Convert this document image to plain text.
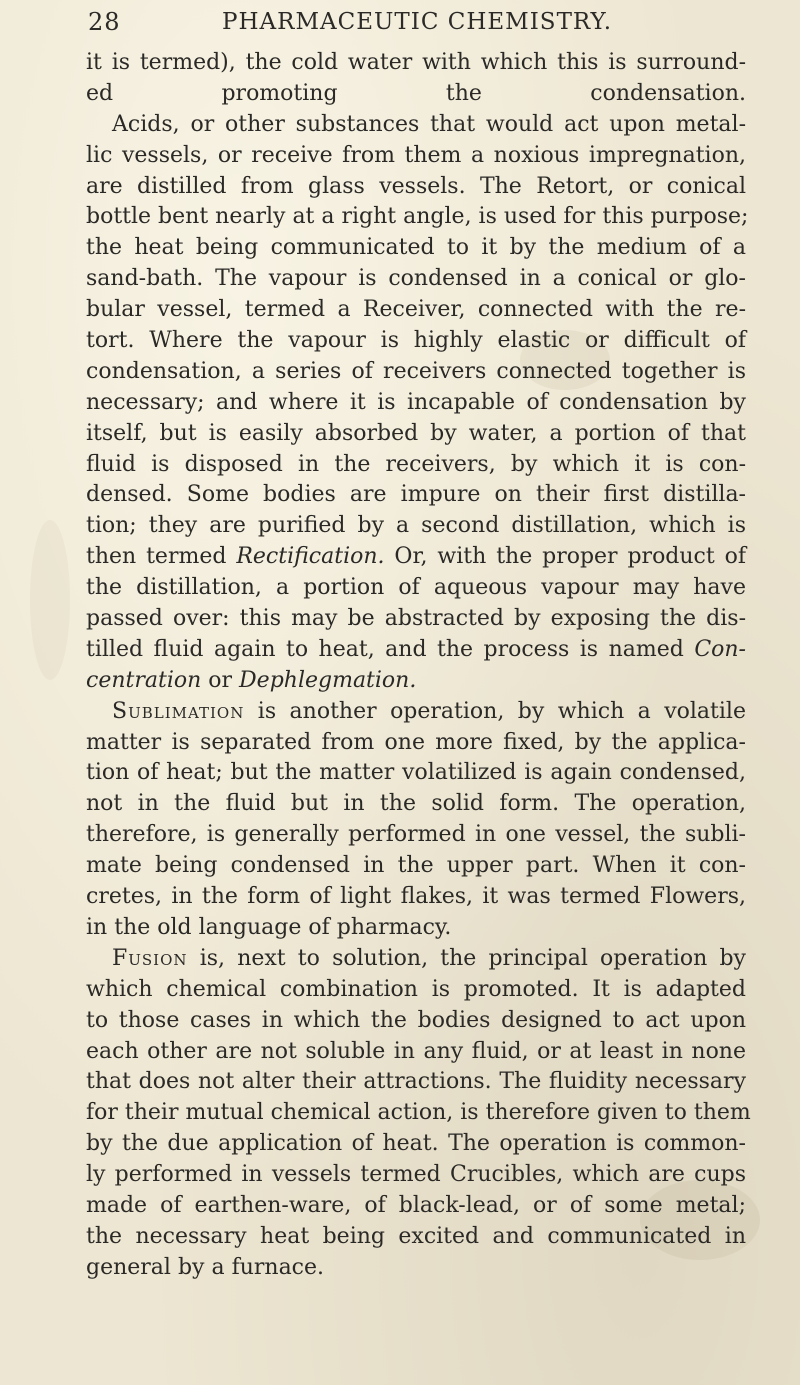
28	PHARMACEUTIC CHEMISTRY.
it is termed), the cold water with which this is surround-
ed promoting the condensation.
Acids, or other substances that would act upon metal-
lic vessels, or receive from them a noxious impregnation,
are distilled from glass vessels. The Retort, or conical
bottle bent nearly at a right angle, is used for this purpose;
the heat being communicated to it by the medium of a
sand-bath. The vapour is condensed in a conical or glo-
bular vessel, termed a Receiver, connected with the re-
tort. Where the vapour is highly elastic or difficult of
condensation, a series of receivers connected together is
necessary; and where it is incapable of condensation by
itself, but is easily absorbed by water, a portion of that
fluid is disposed in the receivers, by which it is con-
densed. Some bodies are impure on their first distilla-
tion; they are purified by a second distillation, which is
then termed Rectification. Or, with the proper product of
the distillation, a portion of aqueous vapour may have
passed over: this may be abstracted by exposing the dis-
tilled fluid again to heat, and the process is named Con-
centration or Dephlegmation.
Sublimation is another operation, by which a volatile
matter is separated from one more fixed, by the applica-
tion of heat; but the matter volatilized is again condensed,
not in the fluid but in the solid form. The operation,
therefore, is generally performed in one vessel, the subli-
mate being condensed in the upper part. When it con-
cretes, in the form of light flakes, it was termed Flowers,
in the old language of pharmacy.
Fusion is, next to solution, the principal operation by
which chemical combination is promoted. It is adapted
to those cases in which the bodies designed to act upon
each other are not soluble in any fluid, or at least in none
that does not alter their attractions. The fluidity necessary
for their mutual chemical action, is therefore given to them
by the due application of heat. The operation is common-
ly performed in vessels termed Crucibles, which are cups
made of earthen-ware, of black-lead, or of some metal;
the necessary heat being excited and communicated in
general by a furnace.
